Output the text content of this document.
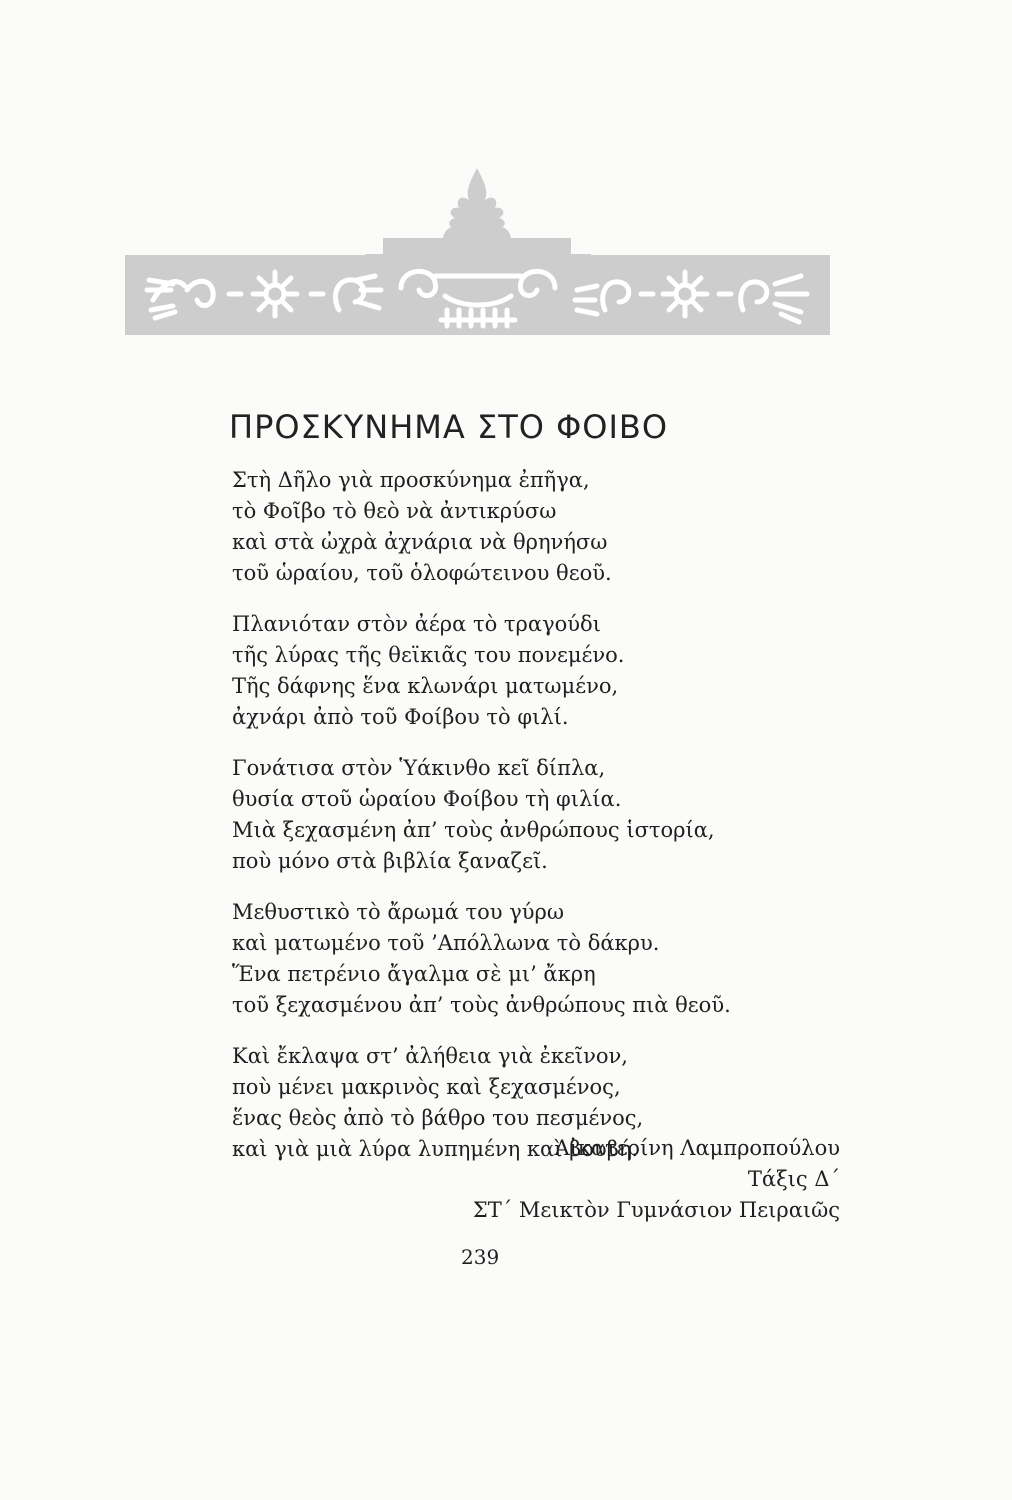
ΠΡΟΣΚΥΝΗΜΑ ΣΤΟ ΦΟΙΒΟ
Στὴ Δῆλο γιὰ προσκύνημα ἐπῆγα,
τὸ Φοῖβο τὸ θεὸ νὰ ἀντικρύσω
καὶ στὰ ὠχρὰ ἀχνάρια νὰ θρηνήσω
τοῦ ὡραίου, τοῦ ὁλοφώτεινου θεοῦ.
Πλανιόταν στὸν ἀέρα τὸ τραγούδι
τῆς λύρας τῆς θεϊκιᾶς του πονεμένο.
Τῆς δάφνης ἕνα κλωνάρι ματωμένο,
ἀχνάρι ἀπὸ τοῦ Φοίβου τὸ φιλί.
Γονάτισα στὸν Ὑάκινθο κεῖ δίπλα,
θυσία στοῦ ὡραίου Φοίβου τὴ φιλία.
Μιὰ ξεχασμένη ἀπ’ τοὺς ἀνθρώπους ἱστορία,
ποὺ μόνο στὰ βιβλία ξαναζεῖ.
Μεθυστικὸ τὸ ἄρωμά του γύρω
καὶ ματωμένο τοῦ ’Απόλλωνα τὸ δάκρυ.
Ἕνα πετρένιο ἄγαλμα σὲ μι’ ἄκρη
τοῦ ξεχασμένου ἀπ’ τοὺς ἀνθρώπους πιὰ θεοῦ.
Καὶ ἔκλαψα στ’ ἀλήθεια γιὰ ἐκεῖνον,
ποὺ μένει μακρινὸς καὶ ξεχασμένος,
ἕνας θεὸς ἀπὸ τὸ βάθρο του πεσμένος,
καὶ γιὰ μιὰ λύρα λυπημένη καὶ βουβή.
Αἰκατερίνη Λαμπροπούλου
Τάξις Δ΄
ΣΤ΄ Μεικτὸν Γυμνάσιον Πειραιῶς
239
